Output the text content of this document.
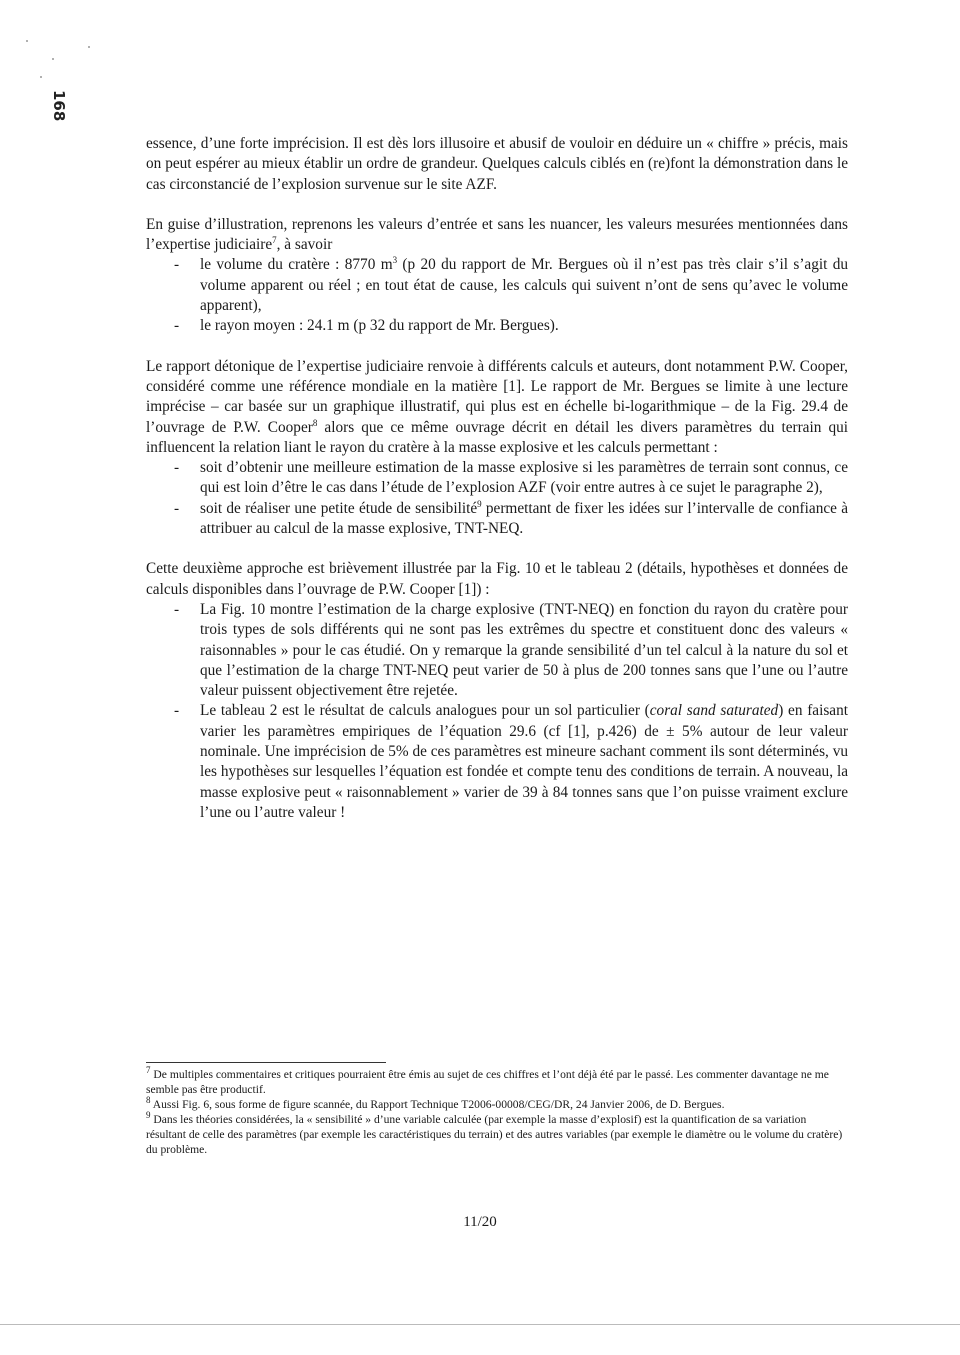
168

essence, d’une forte imprécision. Il est dès lors illusoire et abusif de vouloir en déduire un « chiffre » précis, mais on peut espérer au mieux établir un ordre de grandeur. Quelques calculs ciblés en (re)font la démonstration dans le cas circonstancié de l’explosion survenue sur le site AZF.

En guise d’illustration, reprenons les valeurs d’entrée et sans les nuancer, les valeurs mesurées mentionnées dans l’expertise judiciaire$^7$, à savoir

- le volume du cratère : 8770 $m^3$ (p 20 du rapport de Mr. Bergues où il n’est pas très clair s’il s’agit du volume apparent ou réel ; en tout état de cause, les calculs qui suivent n’ont de sens qu’avec le volume apparent),
- le rayon moyen : 24.1 m (p 32 du rapport de Mr. Bergues).

Le rapport détonique de l’expertise judiciaire renvoie à différents calculs et auteurs, dont notamment P.W. Cooper, considéré comme une référence mondiale en la matière [1]. Le rapport de Mr. Bergues se limite à une lecture imprécise – car basée sur un graphique illustratif, qui plus est en échelle bi-logarithmique – de la Fig. 29.4 de l’ouvrage de P.W. Cooper$^8$ alors que ce même ouvrage décrit en détail les divers paramètres du terrain qui influencent la relation liant le rayon du cratère à la masse explosive et les calculs permettant :

- soit d’obtenir une meilleure estimation de la masse explosive si les paramètres de terrain sont connus, ce qui est loin d’être le cas dans l’étude de l’explosion AZF (voir entre autres à ce sujet le paragraphe 2),
- soit de réaliser une petite étude de sensibilité$^9$ permettant de fixer les idées sur l’intervalle de confiance à attribuer au calcul de la masse explosive, TNT-NEQ.

Cette deuxième approche est brièvement illustrée par la Fig. 10 et le tableau 2 (détails, hypothèses et données de calculs disponibles dans l’ouvrage de P.W. Cooper [1]) :

- La Fig. 10 montre l’estimation de la charge explosive (TNT-NEQ) en fonction du rayon du cratère pour trois types de sols différents qui ne sont pas les extrêmes du spectre et constituent donc des valeurs « raisonnables » pour le cas étudié. On y remarque la grande sensibilité d’un tel calcul à la nature du sol et que l’estimation de la charge TNT-NEQ peut varier de 50 à plus de 200 tonnes sans que l’une ou l’autre valeur puissent objectivement être rejetée.
- Le tableau 2 est le résultat de calculs analogues pour un sol particulier (coral sand saturated) en faisant varier les paramètres empiriques de l’équation 29.6 (cf [1], p.426) de ± 5% autour de leur valeur nominale. Une imprécision de 5% de ces paramètres est mineure sachant comment ils sont déterminés, vu les hypothèses sur lesquelles l’équation est fondée et compte tenu des conditions de terrain. A nouveau, la masse explosive peut « raisonnablement » varier de 39 à 84 tonnes sans que l’on puisse vraiment exclure l’une ou l’autre valeur !

$^7$ De multiples commentaires et critiques pourraient être émis au sujet de ces chiffres et l’ont déjà été par le passé. Les commenter davantage ne me semble pas être productif.

$^8$ Aussi Fig. 6, sous forme de figure scannée, du Rapport Technique T2006-00008/CEG/DR, 24 Janvier 2006, de D. Bergues.

$^9$ Dans les théories considérées, la « sensibilité » d’une variable calculée (par exemple la masse d’explosif) est la quantification de sa variation résultant de celle des paramètres (par exemple les caractéristiques du terrain) et des autres variables (par exemple le diamètre ou le volume du cratère) du problème.

11/20
